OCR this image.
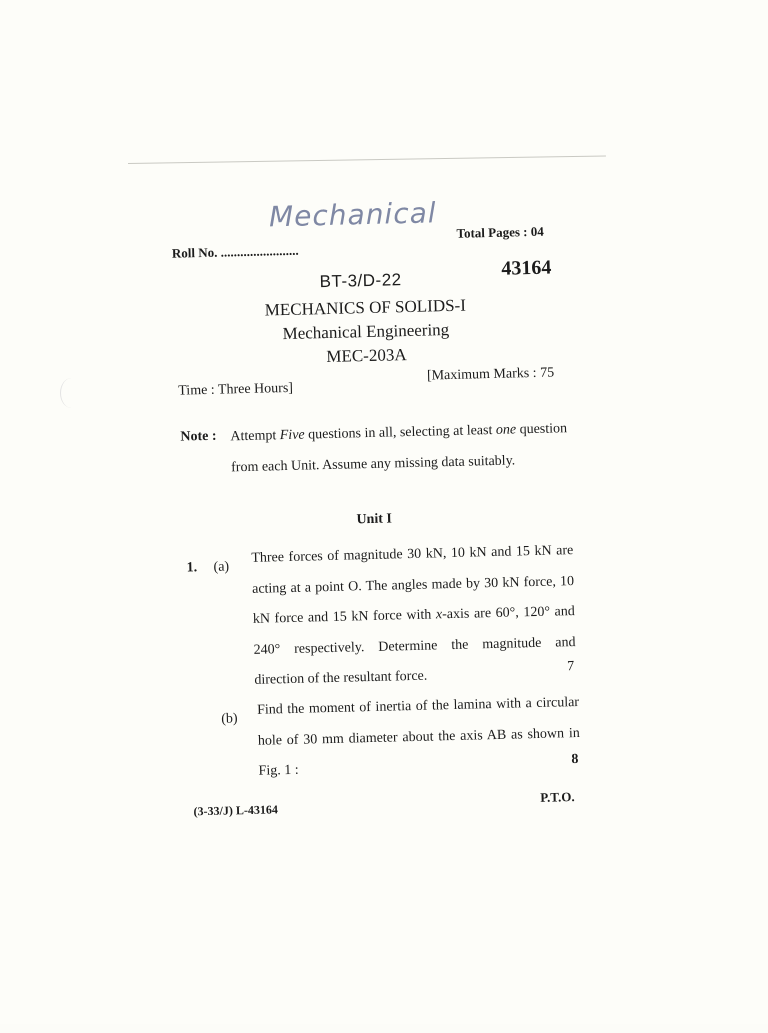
Mechanical
Roll No. ........................
Total Pages : 04
BT-3/D-22
43164
MECHANICS OF SOLIDS-I
Mechanical Engineering
MEC-203A
Time : Three Hours]
[Maximum Marks : 75
Note : Attempt Five questions in all, selecting at least one question from each Unit. Assume any missing data suitably.
Unit I
1. (a)
Three forces of magnitude 30 kN, 10 kN and 15 kN are acting at a point O. The angles made by 30 kN force, 10 kN force and 15 kN force with x-axis are 60°, 120° and 240° respectively. Determine the magnitude and direction of the resultant force.
7
(b)
Find the moment of inertia of the lamina with a circular hole of 30 mm diameter about the axis AB as shown in Fig. 1 :
8
(3-33/J) L-43164
P.T.O.
